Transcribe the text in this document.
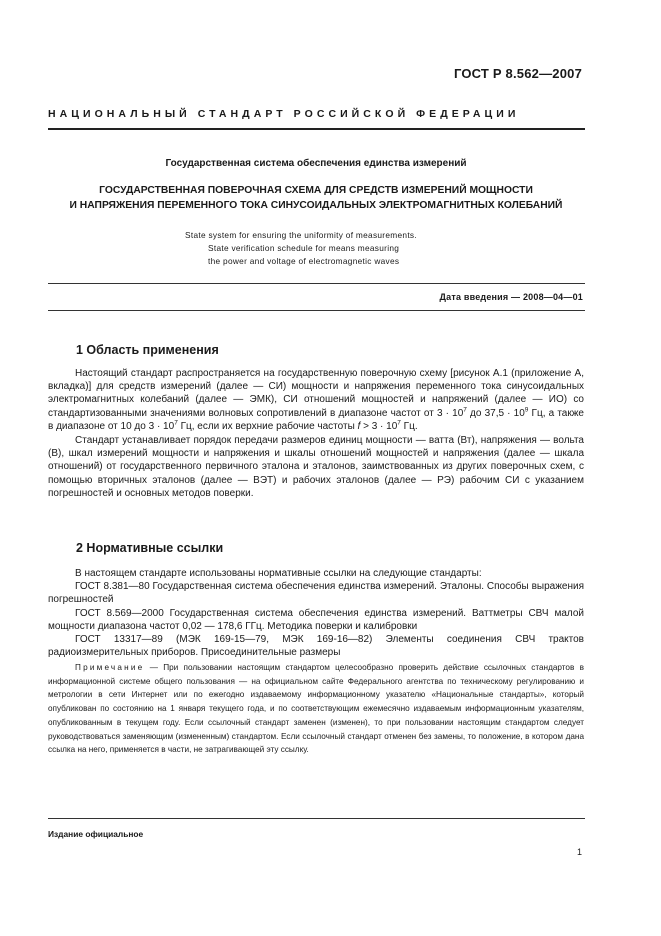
ГОСТ Р 8.562—2007
НАЦИОНАЛЬНЫЙ СТАНДАРТ РОССИЙСКОЙ ФЕДЕРАЦИИ
Государственная система обеспечения единства измерений
ГОСУДАРСТВЕННАЯ ПОВЕРОЧНАЯ СХЕМА ДЛЯ СРЕДСТВ ИЗМЕРЕНИЙ МОЩНОСТИ
И НАПРЯЖЕНИЯ ПЕРЕМЕННОГО ТОКА СИНУСОИДАЛЬНЫХ ЭЛЕКТРОМАГНИТНЫХ КОЛЕБАНИЙ
State system for ensuring the uniformity of measurements.
State verification schedule for means measuring
the power and voltage of electromagnetic waves
Дата введения — 2008—04—01
1 Область применения

Настоящий стандарт распространяется на государственную поверочную схему [рисунок А.1 (приложение А, вкладка)] для средств измерений (далее — СИ) мощности и напряжения переменного тока синусоидальных электромагнитных колебаний (далее — ЭМК), СИ отношений мощностей и напряжений (далее — ИО) со стандартизованными значениями волновых сопротивлений в диапазоне частот от $3 \cdot 10^7$ до $37,5 \cdot 10^9$ Гц, а также в диапазоне от 10 до $3 \cdot 10^7$ Гц, если их верхние рабочие частоты $f > 3 \cdot 10^7$ Гц.

Стандарт устанавливает порядок передачи размеров единиц мощности — ватта (Вт), напряжения — вольта (В), шкал измерений мощности и напряжения и шкалы отношений мощностей и напряжения (далее — шкала отношений) от государственного первичного эталона и эталонов, заимствованных из других поверочных схем, с помощью вторичных эталонов (далее — ВЭТ) и рабочих эталонов (далее — РЭ) рабочим СИ с указанием погрешностей и основных методов поверки.

2 Нормативные ссылки

В настоящем стандарте использованы нормативные ссылки на следующие стандарты:

ГОСТ 8.381—80 Государственная система обеспечения единства измерений. Эталоны. Способы выражения погрешностей

ГОСТ 8.569—2000 Государственная система обеспечения единства измерений. Ваттметры СВЧ малой мощности диапазона частот 0,02 — 178,6 ГГц. Методика поверки и калибровки

ГОСТ 13317—89 (МЭК 169-15—79, МЭК 169-16—82) Элементы соединения СВЧ трактов радиоизмерительных приборов. Присоединительные размеры

Примечание — При пользовании настоящим стандартом целесообразно проверить действие ссылочных стандартов в информационной системе общего пользования — на официальном сайте Федерального агентства по техническому регулированию и метрологии в сети Интернет или по ежегодно издаваемому информационному указателю «Национальные стандарты», который опубликован по состоянию на 1 января текущего года, и по соответствующим ежемесячно издаваемым информационным указателям, опубликованным в текущем году. Если ссылочный стандарт заменен (изменен), то при пользовании настоящим стандартом следует руководствоваться заменяющим (измененным) стандартом. Если ссылочный стандарт отменен без замены, то положение, в котором дана ссылка на него, применяется в части, не затрагивающей эту ссылку.

Издание официальное
1
